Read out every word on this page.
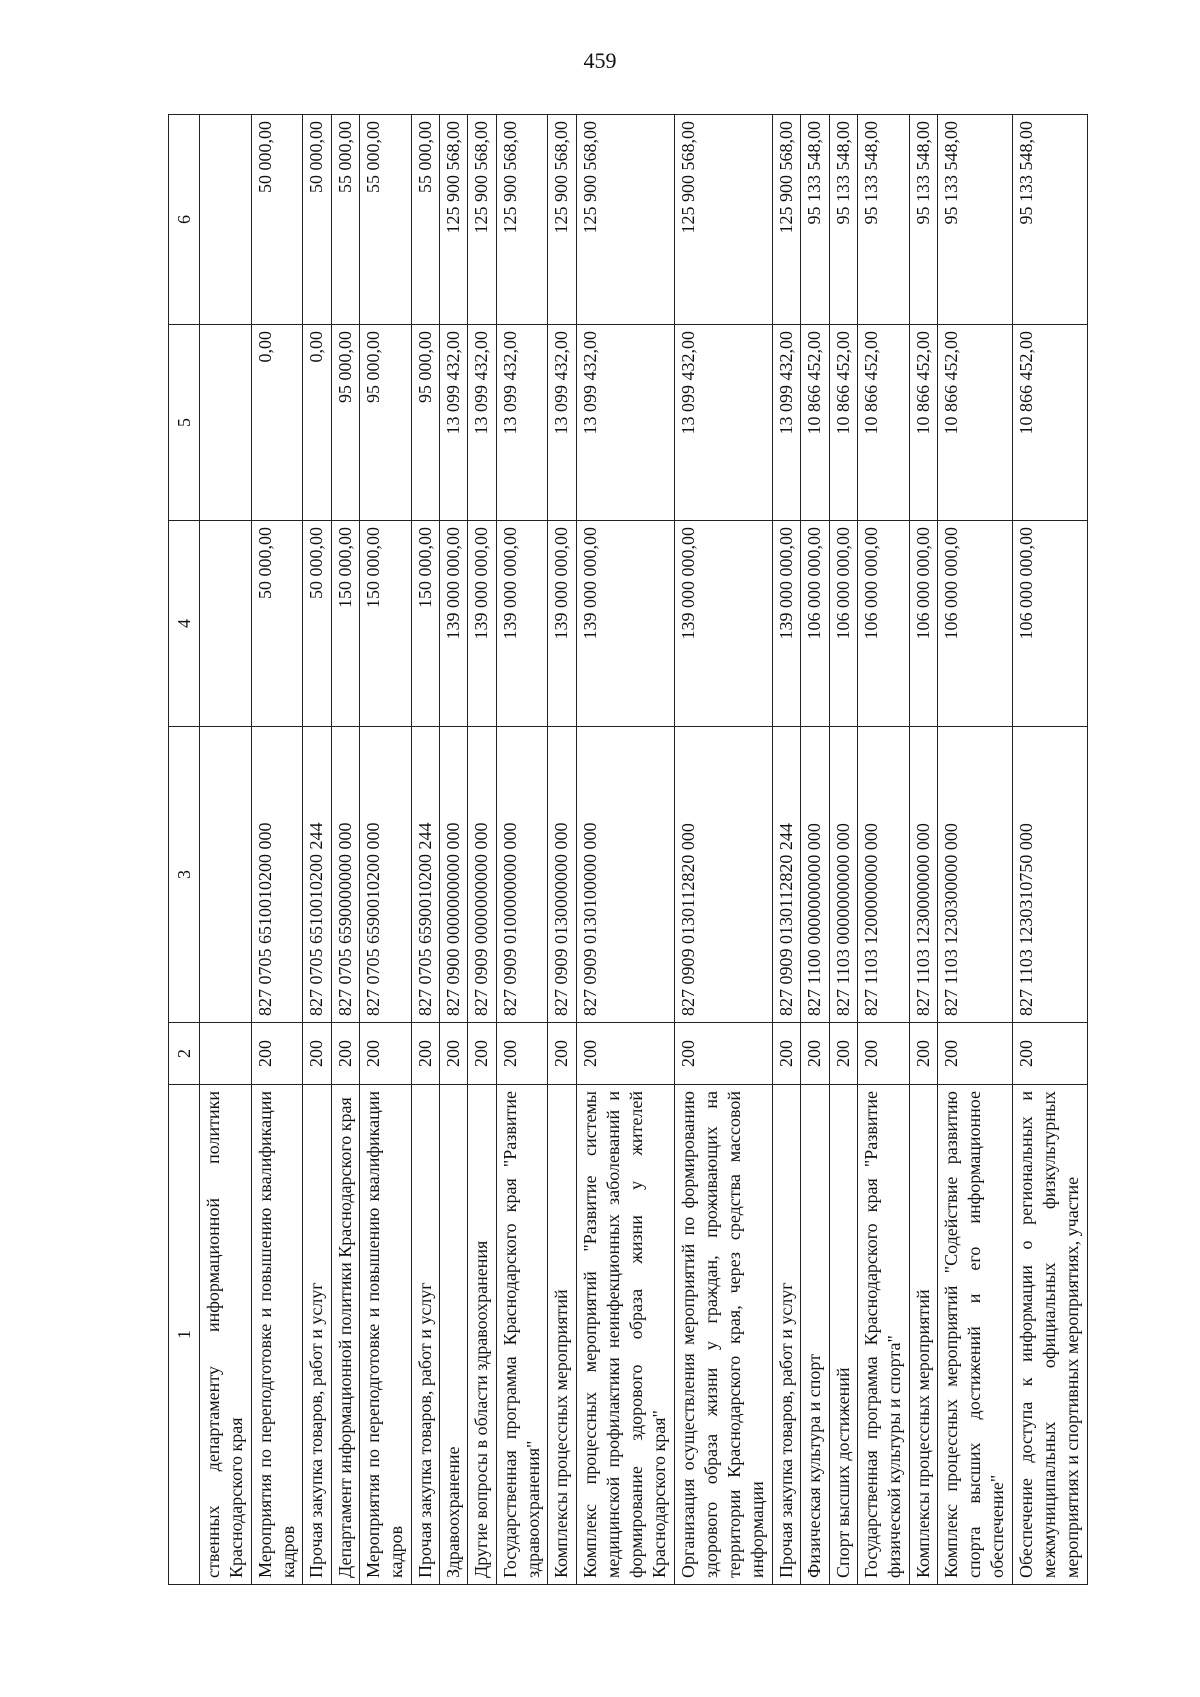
459
1	2	3	4	5	6
ственных департаменту информационной политики Краснодарского края					
Мероприятия по переподготовке и повышению квалификации кадров	200	827 0705 6510010200 000	50 000,00	0,00	50 000,00
Прочая закупка товаров, работ и услуг	200	827 0705 6510010200 244	50 000,00	0,00	50 000,00
Департамент информационной политики Краснодарского края	200	827 0705 6590000000 000	150 000,00	95 000,00	55 000,00
Мероприятия по переподготовке и повышению квалификации кадров	200	827 0705 6590010200 000	150 000,00	95 000,00	55 000,00
Прочая закупка товаров, работ и услуг	200	827 0705 6590010200 244	150 000,00	95 000,00	55 000,00
Здравоохранение	200	827 0900 0000000000 000	139 000 000,00	13 099 432,00	125 900 568,00
Другие вопросы в области здравоохранения	200	827 0909 0000000000 000	139 000 000,00	13 099 432,00	125 900 568,00
Государственная программа Краснодарского края "Развитие здравоохранения"	200	827 0909 0100000000 000	139 000 000,00	13 099 432,00	125 900 568,00
Комплексы процессных мероприятий	200	827 0909 0130000000 000	139 000 000,00	13 099 432,00	125 900 568,00
Комплекс процессных мероприятий "Развитие системы медицинской профилактики неинфекционных заболеваний и формирование здорового образа жизни у жителей Краснодарского края"	200	827 0909 0130100000 000	139 000 000,00	13 099 432,00	125 900 568,00
Организация осуществления мероприятий по формированию здорового образа жизни у граждан, проживающих на территории Краснодарского края, через средства массовой информации	200	827 0909 0130112820 000	139 000 000,00	13 099 432,00	125 900 568,00
Прочая закупка товаров, работ и услуг	200	827 0909 0130112820 244	139 000 000,00	13 099 432,00	125 900 568,00
Физическая культура и спорт	200	827 1100 0000000000 000	106 000 000,00	10 866 452,00	95 133 548,00
Спорт высших достижений	200	827 1103 0000000000 000	106 000 000,00	10 866 452,00	95 133 548,00
Государственная программа Краснодарского края "Развитие физической культуры и спорта"	200	827 1103 1200000000 000	106 000 000,00	10 866 452,00	95 133 548,00
Комплексы процессных мероприятий	200	827 1103 1230000000 000	106 000 000,00	10 866 452,00	95 133 548,00
Комплекс процессных мероприятий "Содействие развитию спорта высших достижений и его информационное обеспечение"	200	827 1103 1230300000 000	106 000 000,00	10 866 452,00	95 133 548,00
Обеспечение доступа к информации о региональных и межмуниципальных официальных физкультурных мероприятиях и спортивных мероприятиях, участие	200	827 1103 1230310750 000	106 000 000,00	10 866 452,00	95 133 548,00
